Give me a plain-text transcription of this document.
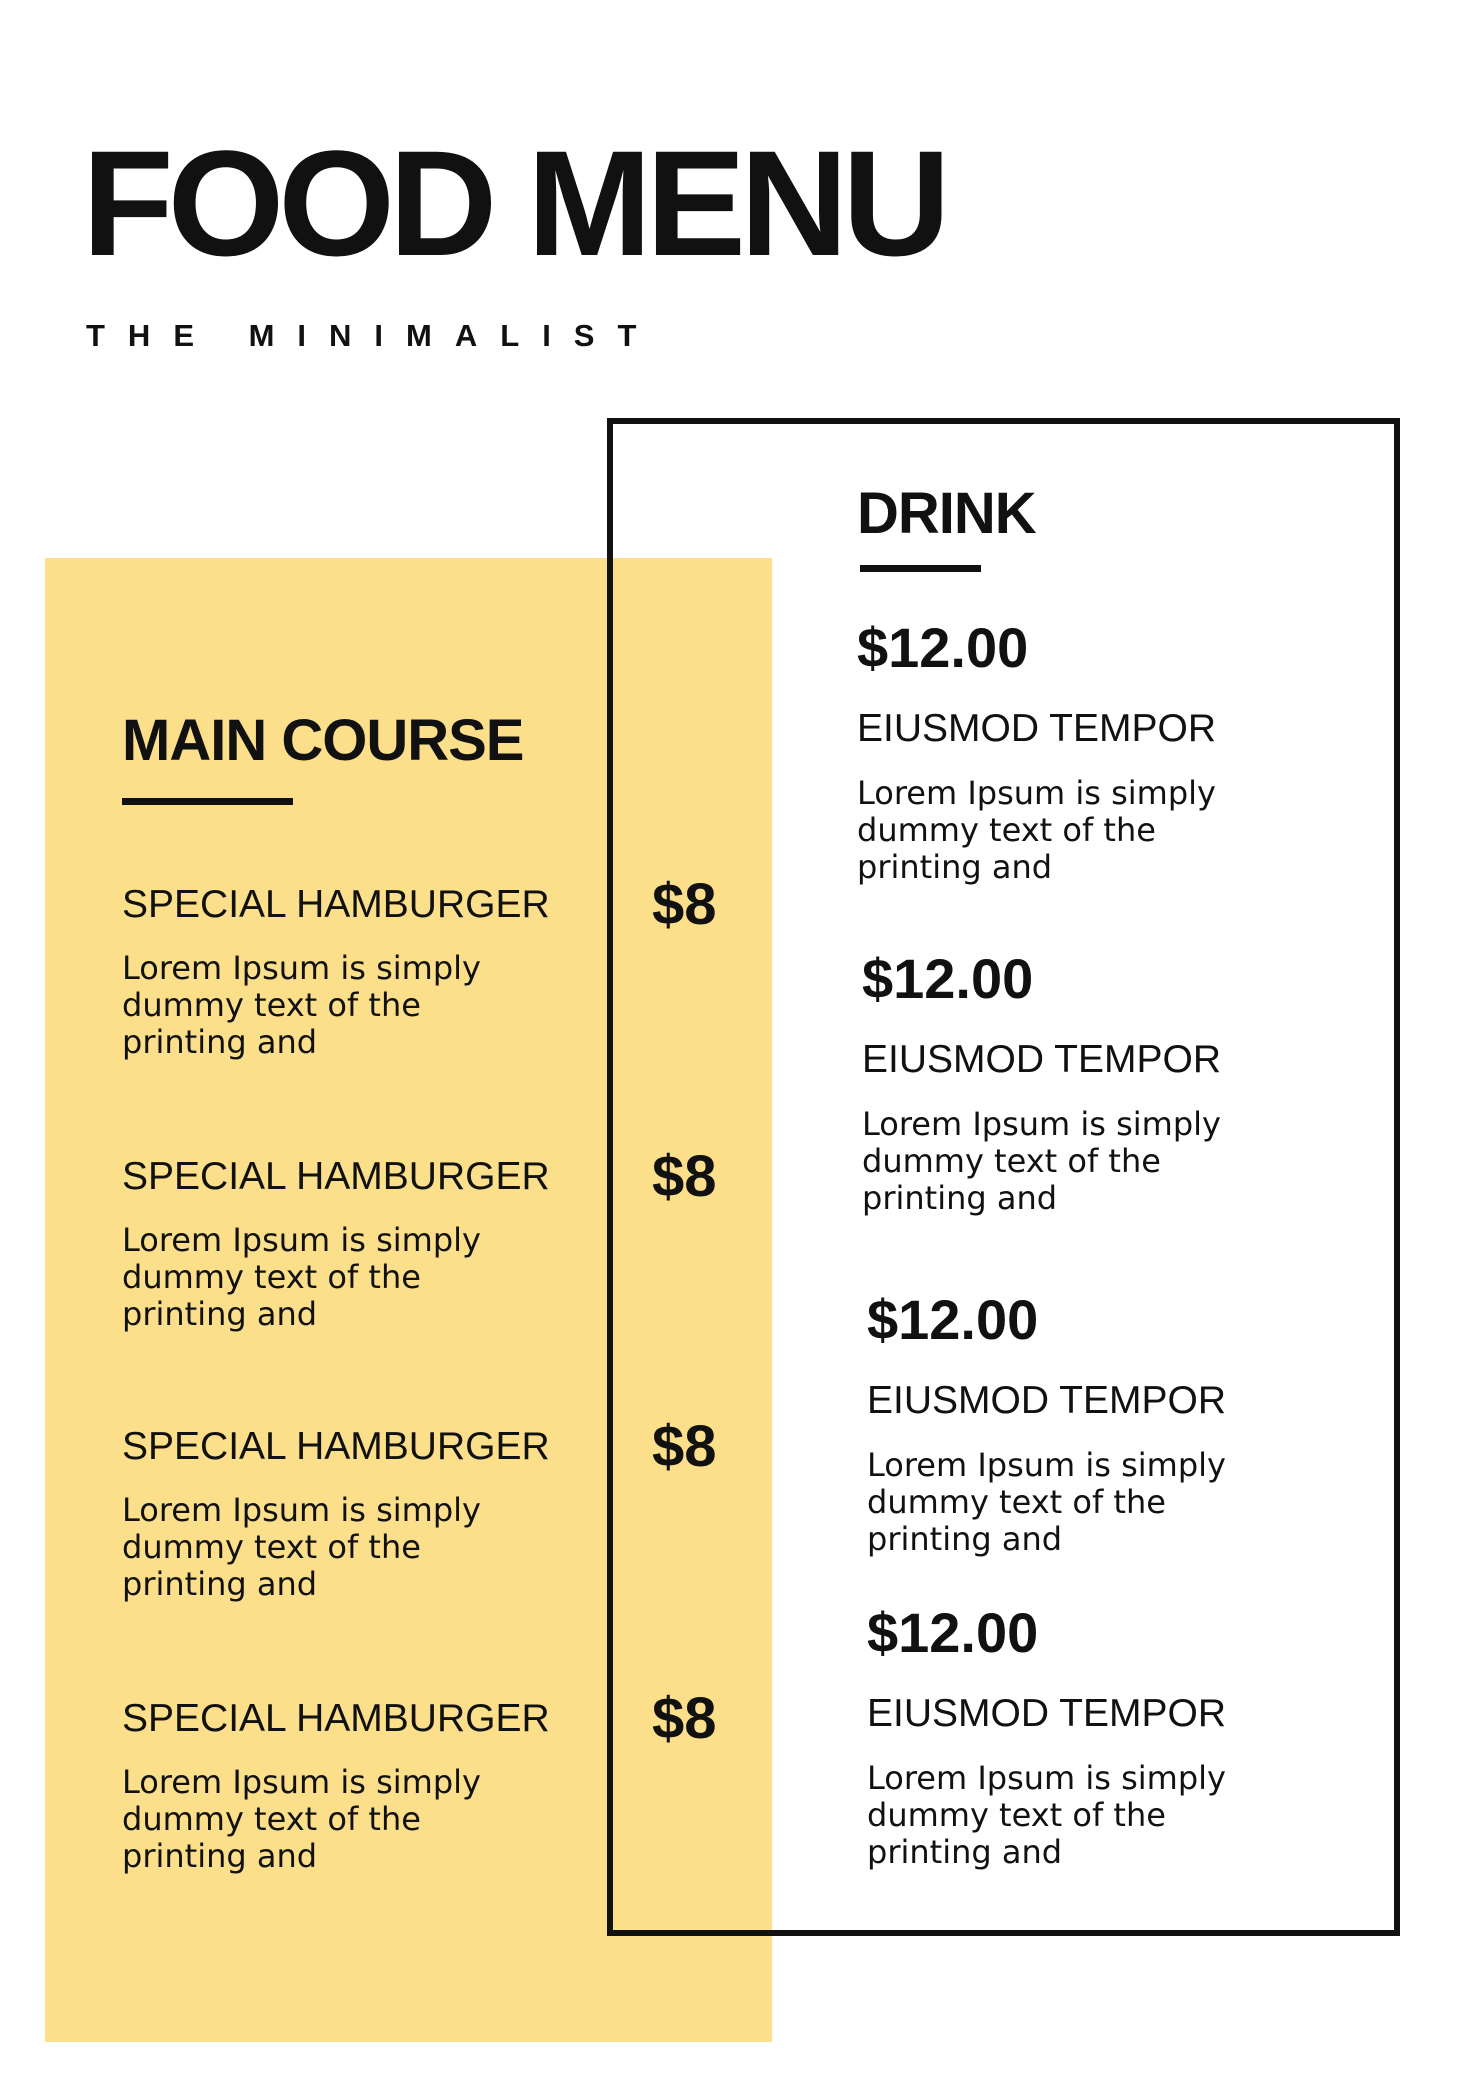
FOOD MENU
THE MINIMALIST
MAIN COURSE
SPECIAL HAMBURGER $8
Lorem Ipsum is simply dummy text of the printing and
SPECIAL HAMBURGER $8
Lorem Ipsum is simply dummy text of the printing and
SPECIAL HAMBURGER $8
Lorem Ipsum is simply dummy text of the printing and
SPECIAL HAMBURGER $8
Lorem Ipsum is simply dummy text of the printing and
DRINK
$12.00
EIUSMOD TEMPOR
Lorem Ipsum is simply dummy text of the printing and
$12.00
EIUSMOD TEMPOR
Lorem Ipsum is simply dummy text of the printing and
$12.00
EIUSMOD TEMPOR
Lorem Ipsum is simply dummy text of the printing and
$12.00
EIUSMOD TEMPOR
Lorem Ipsum is simply dummy text of the printing and
